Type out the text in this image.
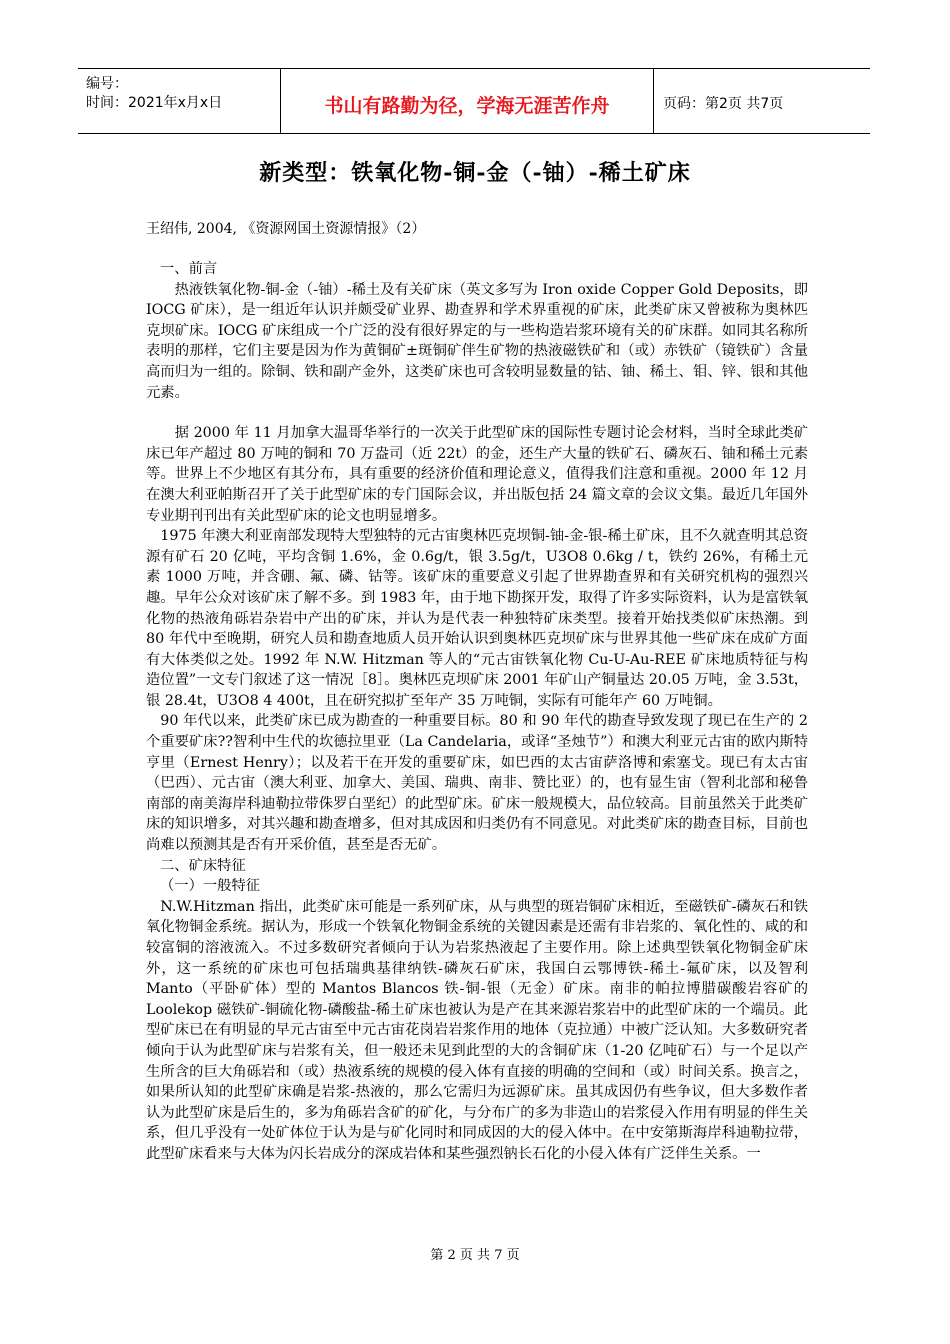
编号：
时间：2021年x月x日	书山有路勤为径，学海无涯苦作舟	页码：第2页 共7页
新类型：铁氧化物-铜-金（-铀）-稀土矿床
王绍伟, 2004, 《资源网国土资源情报》（2）

一、前言

热液铁氧化物-铜-金（-铀）-稀土及有关矿床（英文多写为 Iron oxide Copper Gold Deposits，即 IOCG 矿床），是一组近年认识并颇受矿业界、勘查界和学术界重视的矿床，此类矿床又曾被称为奥林匹克坝矿床。IOCG 矿床组成一个广泛的没有很好界定的与一些构造岩浆环境有关的矿床群。如同其名称所表明的那样，它们主要是因为作为黄铜矿±斑铜矿伴生矿物的热液磁铁矿和（或）赤铁矿（镜铁矿）含量高而归为一组的。除铜、铁和副产金外，这类矿床也可含较明显数量的钴、铀、稀土、钼、锌、银和其他元素。

据 2000 年 11 月加拿大温哥华举行的一次关于此型矿床的国际性专题讨论会材料，当时全球此类矿床已年产超过 80 万吨的铜和 70 万盎司（近 22t）的金，还生产大量的铁矿石、磷灰石、铀和稀土元素等。世界上不少地区有其分布，具有重要的经济价值和理论意义，值得我们注意和重视。2000 年 12 月在澳大利亚帕斯召开了关于此型矿床的专门国际会议，并出版包括 24 篇文章的会议文集。最近几年国外专业期刊刊出有关此型矿床的论文也明显增多。

1975 年澳大利亚南部发现特大型独特的元古宙奥林匹克坝铜-铀-金-银-稀土矿床，且不久就查明其总资源有矿石 20 亿吨，平均含铜 1.6%，金 0.6g/t，银 3.5g/t，U3O8 0.6kg / t，铁约 26%，有稀土元素 1000 万吨，并含硼、氟、磷、钴等。该矿床的重要意义引起了世界勘查界和有关研究机构的强烈兴趣。早年公众对该矿床了解不多。到 1983 年，由于地下勘探开发，取得了许多实际资料，认为是富铁氧化物的热液角砾岩杂岩中产出的矿床，并认为是代表一种独特矿床类型。接着开始找类似矿床热潮。到 80 年代中至晚期，研究人员和勘查地质人员开始认识到奥林匹克坝矿床与世界其他一些矿床在成矿方面有大体类似之处。1992 年 N.W. Hitzman 等人的“元古宙铁氧化物 Cu-U-Au-REE 矿床地质特征与构造位置”一文专门叙述了这一情况［8］。奥林匹克坝矿床 2001 年矿山产铜量达 20.05 万吨，金 3.53t，银 28.4t，U3O8 4 400t，且在研究拟扩至年产 35 万吨铜，实际有可能年产 60 万吨铜。

90 年代以来，此类矿床已成为勘查的一种重要目标。80 和 90 年代的勘查导致发现了现已在生产的 2 个重要矿床??智利中生代的坎德拉里亚（La Candelaria，或译“圣烛节”）和澳大利亚元古宙的欧内斯特亨里（Ernest Henry）；以及若干在开发的重要矿床，如巴西的太古宙萨洛博和索塞戈。现已有太古宙（巴西）、元古宙（澳大利亚、加拿大、美国、瑞典、南非、赞比亚）的，也有显生宙（智利北部和秘鲁南部的南美海岸科迪勒拉带侏罗白垩纪）的此型矿床。矿床一般规模大，品位较高。目前虽然关于此类矿床的知识增多，对其兴趣和勘查增多，但对其成因和归类仍有不同意见。对此类矿床的勘查目标，目前也尚难以预测其是否有开采价值，甚至是否无矿。

二、矿床特征

（一）一般特征

N.W.Hitzman 指出，此类矿床可能是一系列矿床，从与典型的斑岩铜矿床相近，至磁铁矿-磷灰石和铁氧化物铜金系统。据认为，形成一个铁氧化物铜金系统的关键因素是还需有非岩浆的、氧化性的、咸的和较富铜的溶液流入。不过多数研究者倾向于认为岩浆热液起了主要作用。除上述典型铁氧化物铜金矿床外，这一系统的矿床也可包括瑞典基律纳铁-磷灰石矿床，我国白云鄂博铁-稀土-氟矿床，以及智利 Manto（平卧矿体）型的 Mantos Blancos 铁-铜-银（无金）矿床。南非的帕拉博腊碳酸岩容矿的 Loolekop 磁铁矿-铜硫化物-磷酸盐-稀土矿床也被认为是产在其来源岩浆岩中的此型矿床的一个端员。此型矿床已在有明显的早元古宙至中元古宙花岗岩岩浆作用的地体（克拉通）中被广泛认知。大多数研究者倾向于认为此型矿床与岩浆有关，但一般还未见到此型的大的含铜矿床（1-20 亿吨矿石）与一个足以产生所含的巨大角砾岩和（或）热液系统的规模的侵入体有直接的明确的空间和（或）时间关系。换言之，如果所认知的此型矿床确是岩浆-热液的，那么它需归为远源矿床。虽其成因仍有些争议，但大多数作者认为此型矿床是后生的，多为角砾岩含矿的矿化，与分布广的多为非造山的岩浆侵入作用有明显的伴生关系，但几乎没有一处矿体位于认为是与矿化同时和同成因的大的侵入体中。在中安第斯海岸科迪勒拉带，此型矿床看来与大体为闪长岩成分的深成岩体和某些强烈钠长石化的小侵入体有广泛伴生关系。一

第 2 页 共 7 页
